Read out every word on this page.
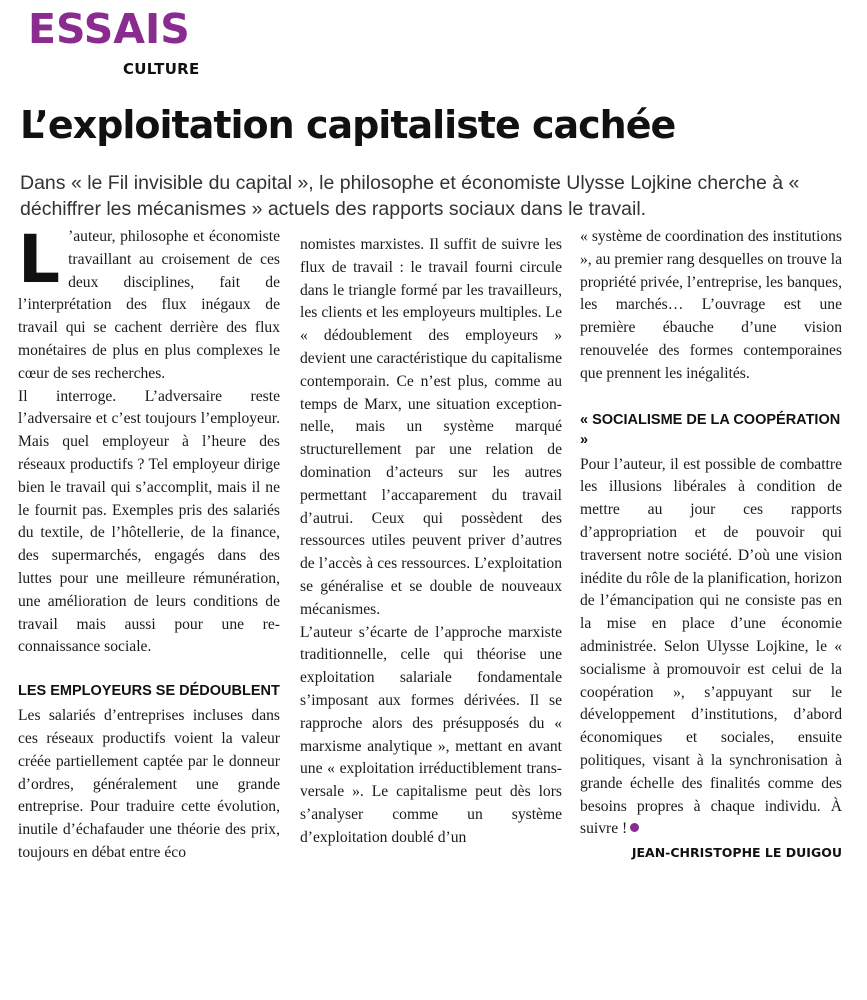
ESSAIS
CULTURE
L’exploitation capitaliste cachée
Dans « le Fil invisible du capital », le philosophe et économiste Ulysse Lojkine cherche à « déchiffrer les mécanismes » actuels des rapports sociaux dans le travail.

L ’auteur, philosophe et économiste travaillant au croisement de ces deux disciplines, fait de l’interprétation des flux inégaux de travail qui se cachent derrière des flux monétaires de plus en plus complexes le cœur de ses recherches.

Il interroge. L’adversaire reste l’adversaire et c’est toujours l’employeur. Mais quel employeur à l’heure des réseaux productifs ? Tel employeur dirige bien le travail qui s’accomplit, mais il ne le fournit pas. Exemples pris des salariés du textile, de l’hôtellerie, de la finance, des supermarchés, engagés dans des luttes pour une meilleure rémunération, une amélioration de leurs conditions de travail mais aussi pour une reconnaissance sociale.

LES EMPLOYEURS SE DÉDOUBLENT

Les salariés d’entreprises incluses dans ces réseaux productifs voient la valeur créée partiellement captée par le donneur d’ordres, généralement une grande entreprise. Pour traduire cette évolution, inutile d’échafauder une théorie des prix, toujours en débat entre éco

nomistes marxistes. Il suffit de suivre les flux de travail : le travail fourni circule dans le triangle formé par les travailleurs, les clients et les employeurs multiples. Le « dédoublement des employeurs » devient une caractéristique du capitalisme contemporain. Ce n’est plus, comme au temps de Marx, une situation exceptionnelle, mais un système marqué structurellement par une relation de domination d’acteurs sur les autres permettant l’accaparement du travail d’autrui. Ceux qui possèdent des ressources utiles peuvent priver d’autres de l’accès à ces ressources. L’exploitation se généralise et se double de nouveaux mécanismes.

L’auteur s’écarte de l’approche marxiste traditionnelle, celle qui théorise une exploitation salariale fondamentale s’imposant aux formes dérivées. Il se rapproche alors des présupposés du « marxisme analytique », mettant en avant une « exploitation irréductiblement transversale ». Le capitalisme peut dès lors s’analyser comme un système d’exploitation doublé d’un

« système de coordination des institutions », au premier rang desquelles on trouve la propriété privée, l’entreprise, les banques, les marchés… L’ouvrage est une première ébauche d’une vision renouvelée des formes contemporaines que prennent les inégalités.

« SOCIALISME DE LA COOPÉRATION »

Pour l’auteur, il est possible de combattre les illusions libérales à condition de mettre au jour ces rapports d’appropriation et de pouvoir qui traversent notre société. D’où une vision inédite du rôle de la planification, horizon de l’émancipation qui ne consiste pas en la mise en place d’une économie administrée. Selon Ulysse Lojkine, le « socialisme à promouvoir est celui de la coopération », s’appuyant sur le développement d’institutions, d’abord économiques et sociales, ensuite politiques, visant à la synchronisation à grande échelle des finalités comme des besoins propres à chaque individu. À suivre !

JEAN-CHRISTOPHE LE DUIGOU
